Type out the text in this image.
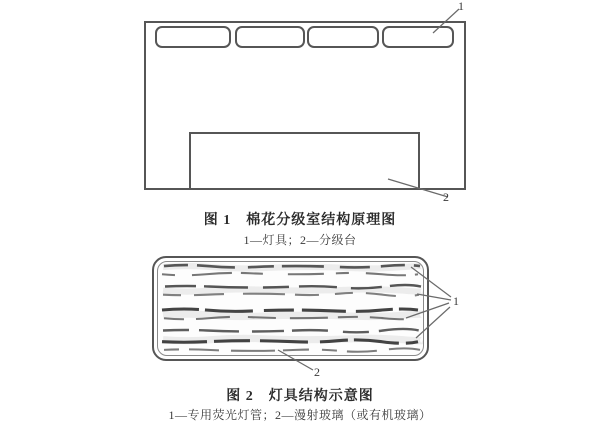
1
2
1
2
图 1　棉花分级室结构原理图
1—灯具；2—分级台
图 2　灯具结构示意图
1—专用荧光灯管；2—漫射玻璃（或有机玻璃）
